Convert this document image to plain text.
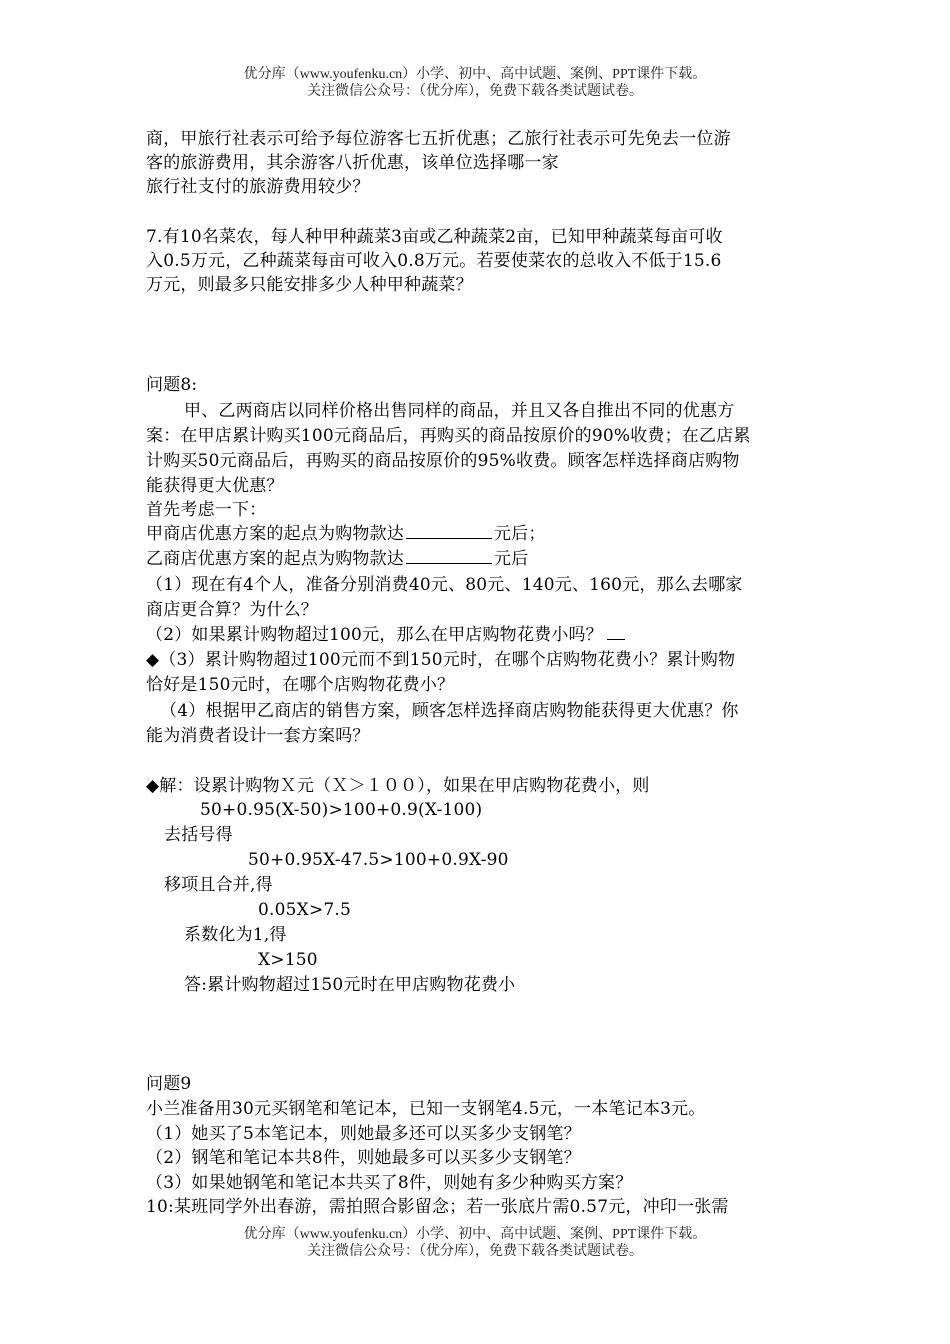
优分库（www.youfenku.cn）小学、初中、高中试题、案例、PPT课件下载。
关注微信公众号：（优分库），免费下载各类试题试卷。
商，甲旅行社表示可给予每位游客七五折优惠；乙旅行社表示可先免去一位游
客的旅游费用，其余游客八折优惠，该单位选择哪一家
旅行社支付的旅游费用较少？
7.有10名菜农，每人种甲种蔬菜3亩或乙种蔬菜2亩，已知甲种蔬菜每亩可收
入0.5万元，乙种蔬菜每亩可收入0.8万元。若要使菜农的总收入不低于15.6
万元，则最多只能安排多少人种甲种蔬菜？
问题8:
甲、乙两商店以同样价格出售同样的商品，并且又各自推出不同的优惠方
案：在甲店累计购买100元商品后，再购买的商品按原价的90%收费；在乙店累
计购买50元商品后，再购买的商品按原价的95%收费。顾客怎样选择商店购物
能获得更大优惠？
首先考虑一下：
甲商店优惠方案的起点为购物款达	元后；
乙商店优惠方案的起点为购物款达	元后
（1）现在有4个人，准备分别消费40元、80元、140元、160元，那么去哪家
商店更合算？为什么？
（2）如果累计购物超过100元，那么在甲店购物花费小吗？
◆（3）累计购物超过100元而不到150元时，在哪个店购物花费小？累计购物
恰好是150元时，在哪个店购物花费小？
（4）根据甲乙商店的销售方案，顾客怎样选择商店购物能获得更大优惠？你
能为消费者设计一套方案吗？
◆解：设累计购物Ｘ元（Ｘ＞１００），如果在甲店购物花费小，则
50+0.95(X-50)>100+0.9(X-100)
去括号得
50+0.95X-47.5>100+0.9X-90
移项且合并,得
0.05X>7.5
系数化为1,得
X>150
答:累计购物超过150元时在甲店购物花费小
问题9
小兰准备用30元买钢笔和笔记本，已知一支钢笔4.5元，一本笔记本3元。
（1）她买了5本笔记本，则她最多还可以买多少支钢笔？
（2）钢笔和笔记本共8件，则她最多可以买多少支钢笔？
（3）如果她钢笔和笔记本共买了8件，则她有多少种购买方案？
10:某班同学外出春游，需拍照合影留念；若一张底片需0.57元，冲印一张需
优分库（www.youfenku.cn）小学、初中、高中试题、案例、PPT课件下载。
关注微信公众号：（优分库），免费下载各类试题试卷。
